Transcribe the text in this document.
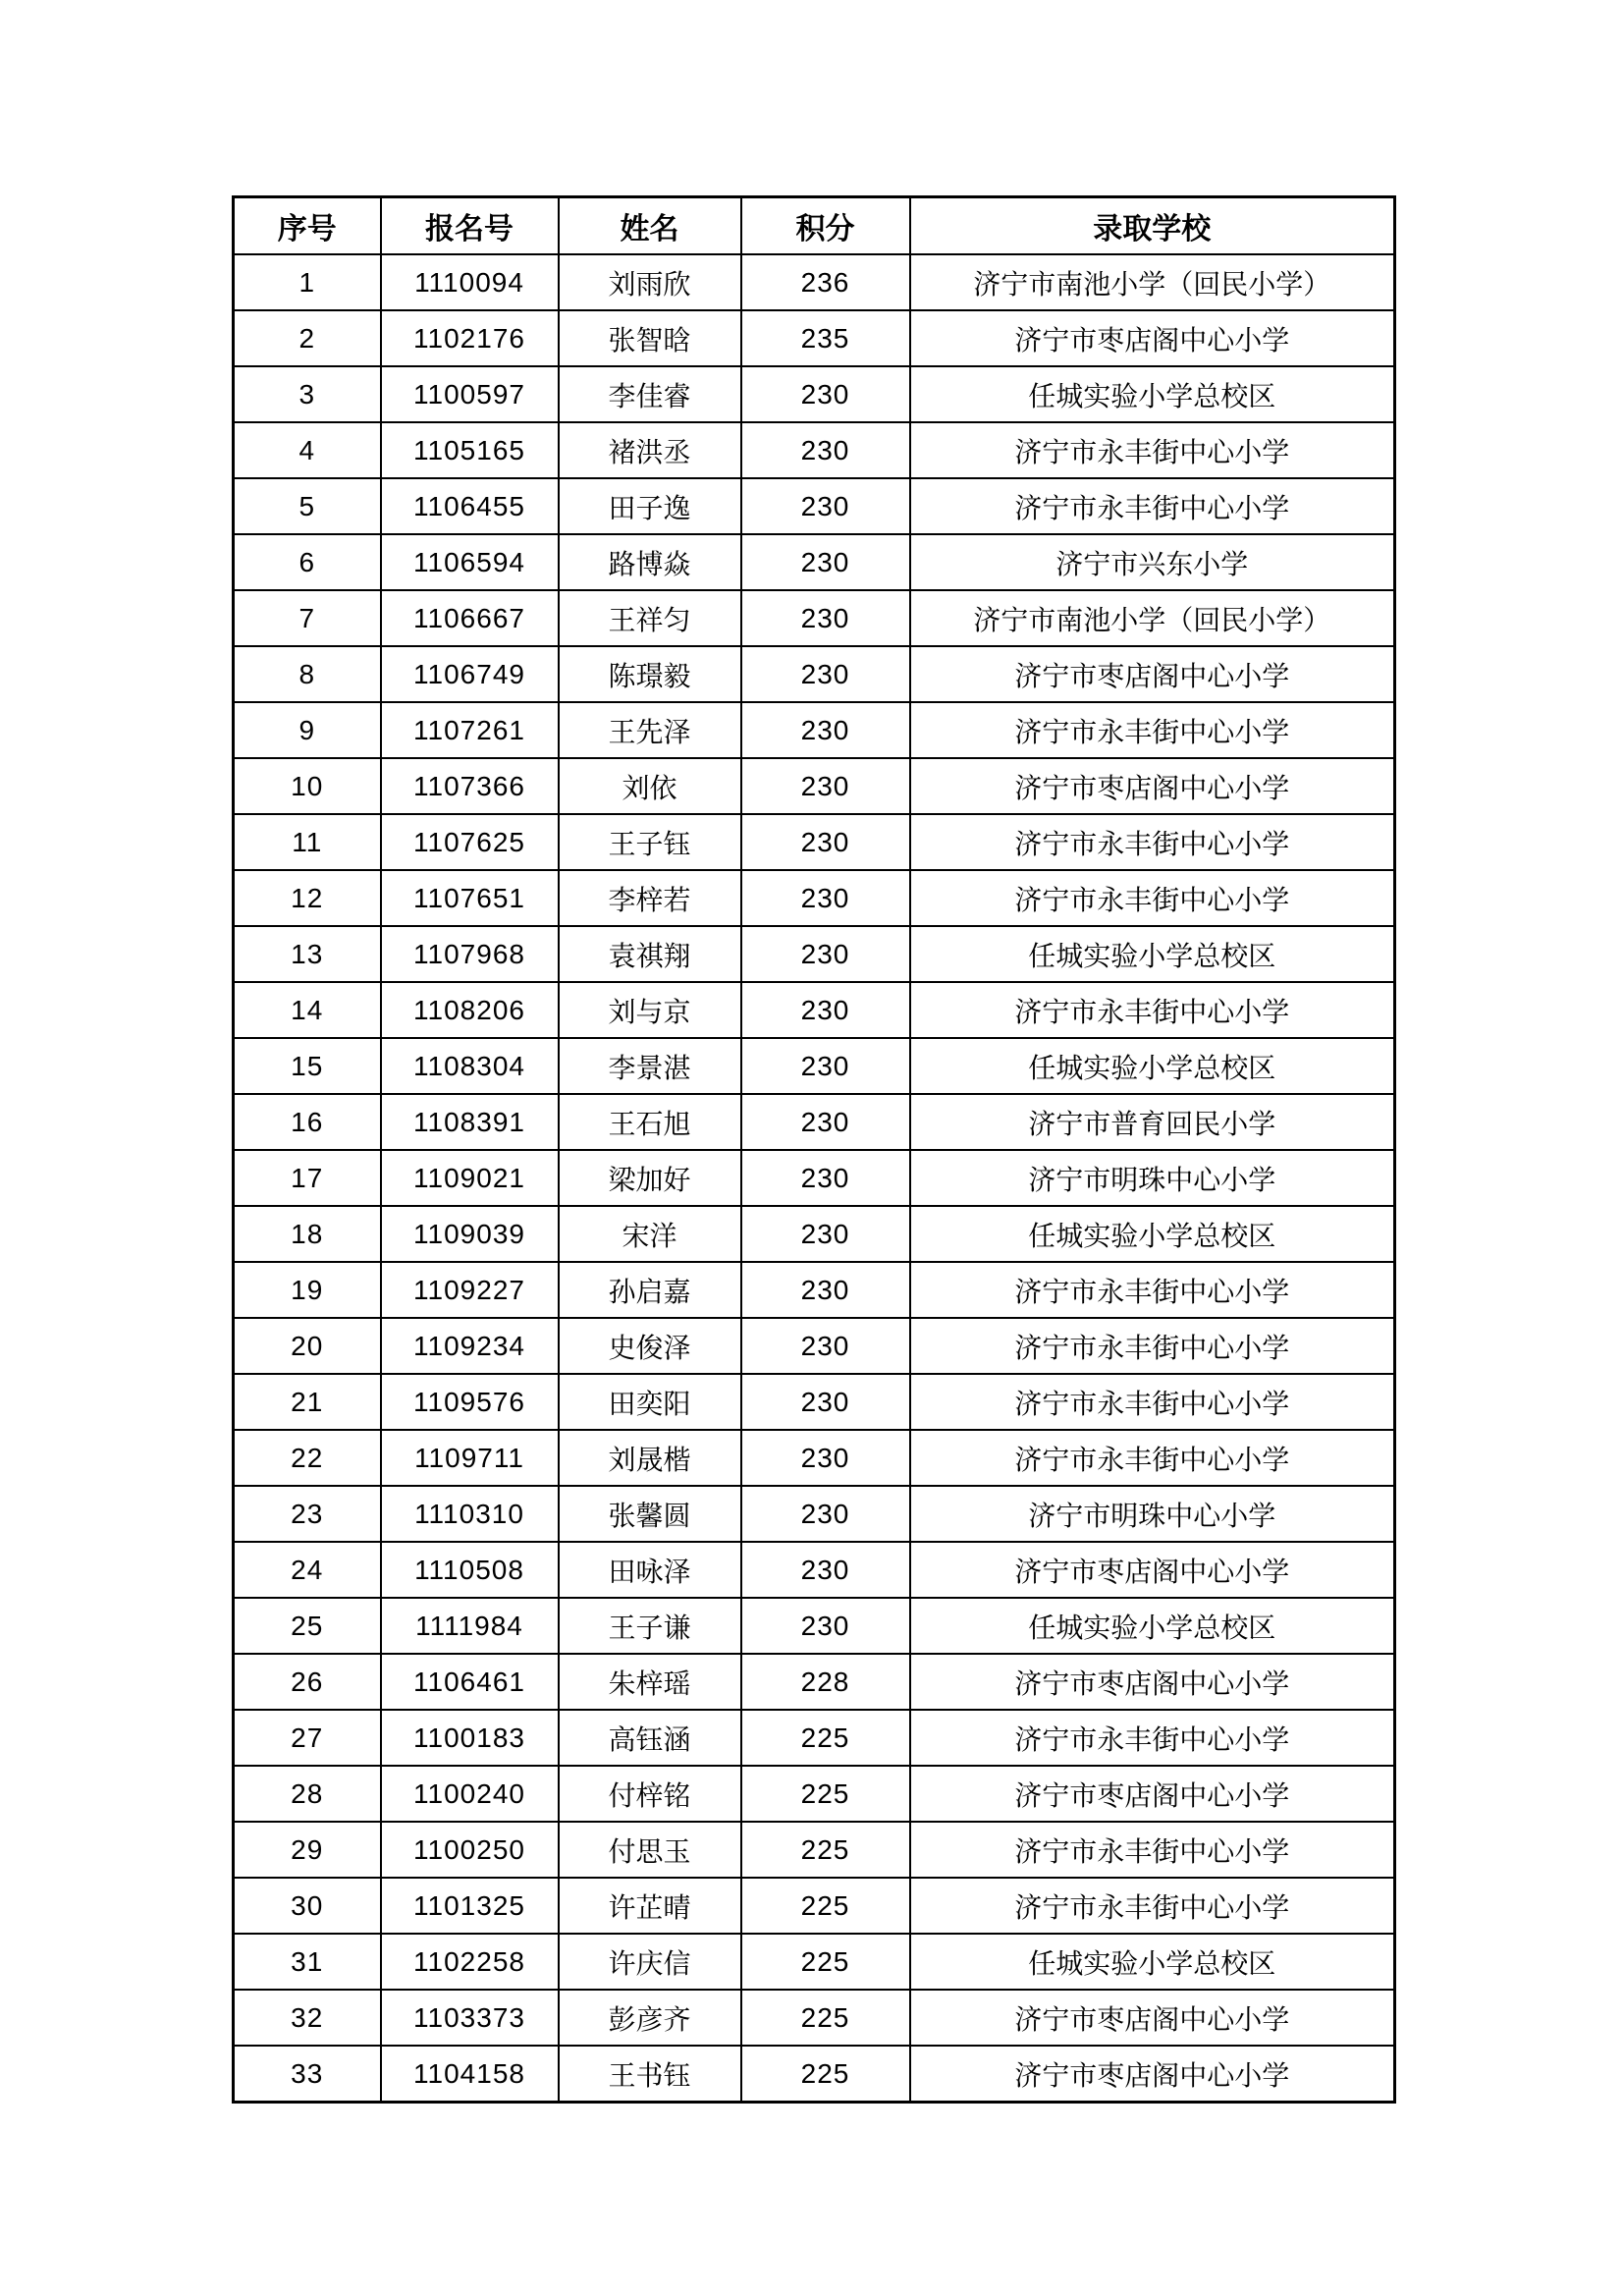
序号	报名号	姓名	积分	录取学校
1	1110094	刘雨欣	236	济宁市南池小学（回民小学）
2	1102176	张智晗	235	济宁市枣店阁中心小学
3	1100597	李佳睿	230	任城实验小学总校区
4	1105165	褚洪丞	230	济宁市永丰街中心小学
5	1106455	田子逸	230	济宁市永丰街中心小学
6	1106594	路博焱	230	济宁市兴东小学
7	1106667	王祥匀	230	济宁市南池小学（回民小学）
8	1106749	陈璟毅	230	济宁市枣店阁中心小学
9	1107261	王先泽	230	济宁市永丰街中心小学
10	1107366	刘依	230	济宁市枣店阁中心小学
11	1107625	王子钰	230	济宁市永丰街中心小学
12	1107651	李梓若	230	济宁市永丰街中心小学
13	1107968	袁祺翔	230	任城实验小学总校区
14	1108206	刘与京	230	济宁市永丰街中心小学
15	1108304	李景湛	230	任城实验小学总校区
16	1108391	王石旭	230	济宁市普育回民小学
17	1109021	梁加好	230	济宁市明珠中心小学
18	1109039	宋洋	230	任城实验小学总校区
19	1109227	孙启嘉	230	济宁市永丰街中心小学
20	1109234	史俊泽	230	济宁市永丰街中心小学
21	1109576	田奕阳	230	济宁市永丰街中心小学
22	1109711	刘晟楷	230	济宁市永丰街中心小学
23	1110310	张馨圆	230	济宁市明珠中心小学
24	1110508	田咏泽	230	济宁市枣店阁中心小学
25	1111984	王子谦	230	任城实验小学总校区
26	1106461	朱梓瑶	228	济宁市枣店阁中心小学
27	1100183	高钰涵	225	济宁市永丰街中心小学
28	1100240	付梓铭	225	济宁市枣店阁中心小学
29	1100250	付思玉	225	济宁市永丰街中心小学
30	1101325	许芷晴	225	济宁市永丰街中心小学
31	1102258	许庆信	225	任城实验小学总校区
32	1103373	彭彦齐	225	济宁市枣店阁中心小学
33	1104158	王书钰	225	济宁市枣店阁中心小学
